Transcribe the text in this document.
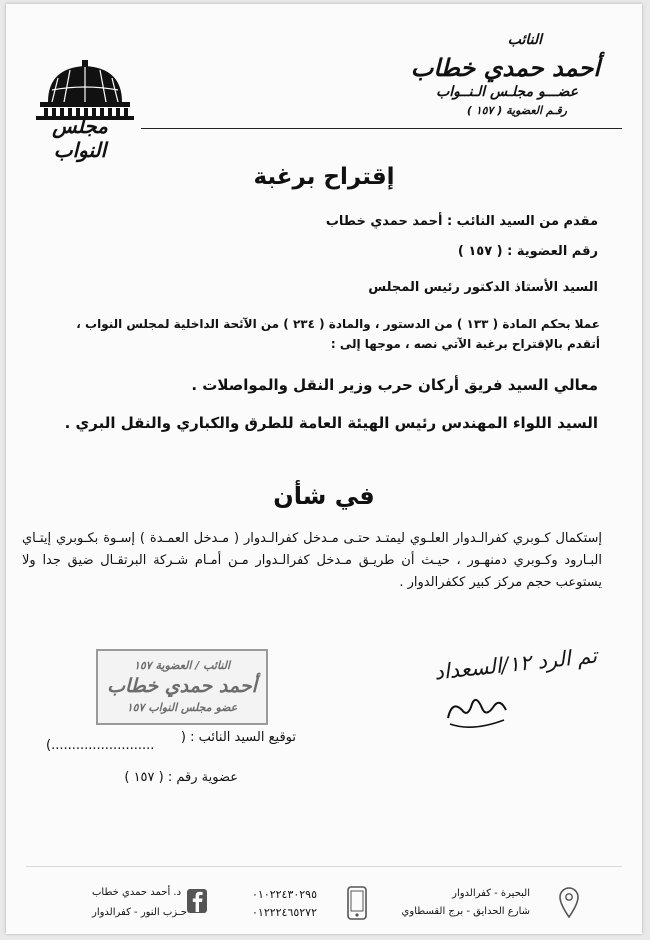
النائب
أحمد حمدي خطاب
عضـــو مجلـس الـنــواب
رقـم العضوية ( ١٥٧ )
مجلس النواب
إقتراح برغبة
مقدم من السيد النائب : أحمد حمدي خطاب
رقم العضوية : ( ١٥٧ )
السيد الأستاذ الدكتور رئيس المجلس
عملا بحكم المادة ( ١٣٣ ) من الدستور ، والمادة ( ٢٣٤ ) من الآئحة الداخلية لمجلس النواب ، أتقدم بالإقتراح برغبة الآتي نصه ، موجها إلى :
معالي السيد فريق أركان حرب وزير النقل والمواصلات .
السيد اللواء المهندس رئيس الهيئة العامة للطرق والكباري والنقل البري .
في شأن
إستكمال كـوبري كفرالـدوار العلـوي ليمتـد حتـى مـدخل كفرالـدوار ( مـدخل العمـدة ) إسـوة بكـوبري إيتـاي البـارود وكـوبري دمنهـور ، حيـث أن طريـق مـدخل كفرالـدوار مـن أمـام شـركة البرتقـال ضيق جدا ولا يستوعب حجم مركز كبير ككفرالدوار .
النائب / العضوية ١٥٧
أحمد حمدي خطاب
عضو مجلس النواب ١٥٧
تم الرد ١٢/السعداد
توقيع السيد النائب : (
(.........................
عضوية رقم : ( ١٥٧ )
د. أحمد حمدي خطاب
حـزب النور - كفرالدوار
٠١٠٢٢٤٣٠٢٩٥
٠١٢٢٢٤٦٥٢٧٢
البحيرة - كفرالدوار
شارع الحدايق - برج القسطاوي
